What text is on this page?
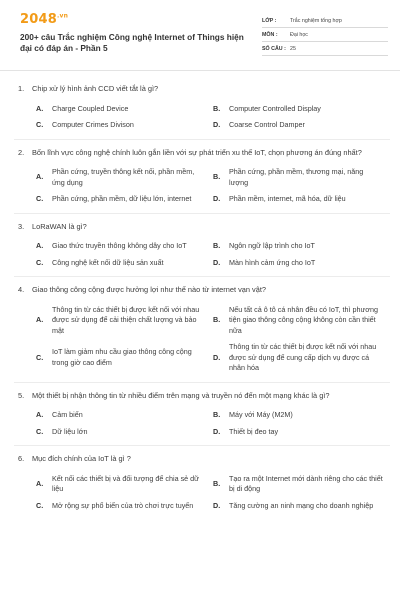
$2048^{.vn}$
200+ câu Trắc nghiệm Công nghệ Internet of Things hiện đại có đáp án - Phần 5
LỚP :	Trắc nghiệm tổng hợp
MÔN :	Đại học
SỐ CÂU : 25
1.	Chip xử lý hình ảnh CCD viết tắt là gì?
A.	Charge Coupled Device	B.	Computer Controlled Display
C.	Computer Crimes Divison	D.	Coarse Control Damper
2.	Bốn lĩnh vực công nghệ chính luôn gắn liền với sự phát triển xu thế IoT, chọn phương án đúng nhất?
A.
Phần cứng, truyền thông kết nối, phần mềm, ứng dụng
B.
Phần cứng, phần mềm, thương mại, năng lượng
C.	Phần cứng, phần mềm, dữ liệu lớn, internet	D.	Phần mềm, internet, mã hóa, dữ liệu
3.	LoRaWAN là gì?
A.	Giao thức truyền thông không dây cho IoT	B.	Ngôn ngữ lập trình cho IoT
C.	Công nghệ kết nối dữ liệu sản xuất	D.	Màn hình cảm ứng cho IoT
4.	Giao thông công cộng được hưởng lợi như thế nào từ internet vạn vật?
A.
Thông tin từ các thiết bị được kết nối với nhau được sử dụng để cải thiện chất lượng và bảo mật
B.
Nếu tất cả ô tô cá nhân đều có IoT, thì phương tiện giao thông công cộng không còn cần thiết nữa
C.
IoT làm giảm nhu cầu giao thông công cộng trong giờ cao điểm
D.
Thông tin từ các thiết bị được kết nối với nhau được sử dụng để cung cấp dịch vụ được cá nhân hóa
5.	Một thiết bị nhận thông tin từ nhiều điểm trên mạng và truyền nó đến một mạng khác là gì?
A.	Cảm biến	B.	Máy với Máy (M2M)
C.	Dữ liệu lớn	D.	Thiết bị đeo tay
6.	Mục đích chính của IoT là gì ?
A.
Kết nối các thiết bị và đối tượng để chia sẻ dữ liệu
B.
Tạo ra một Internet mới dành riêng cho các thiết bị di động
C.	Mở rộng sự phổ biến của trò chơi trực tuyến	D.	Tăng cường an ninh mạng cho doanh nghiệp
